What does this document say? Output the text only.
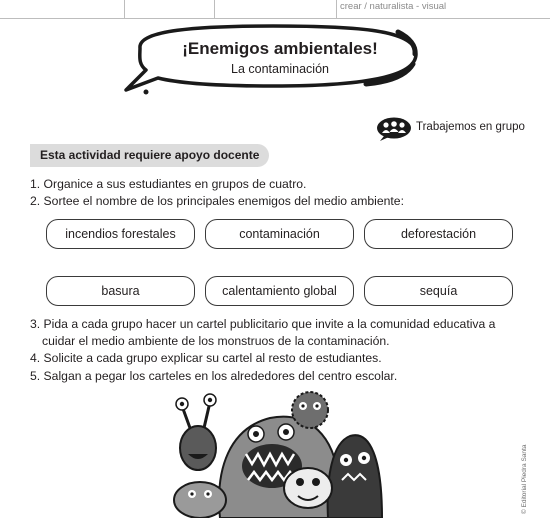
crear / naturalista - visual
¡Enemigos ambientales!
La contaminación
Trabajemos en grupo
Esta actividad requiere apoyo docente
1. Organice a sus estudiantes en grupos de cuatro.
2. Sortee el nombre de los principales enemigos del medio ambiente:
incendios forestales	contaminación	deforestación
basura	calentamiento global	sequía
3. Pida a cada grupo hacer un cartel publicitario que invite a la comunidad educativa a
cuidar el medio ambiente de los monstruos de la contaminación.
4. Solicite a cada grupo explicar su cartel al resto de estudiantes.
5. Salgan a pegar los carteles en los alrededores del centro escolar.
© Editorial Piedra Santa
